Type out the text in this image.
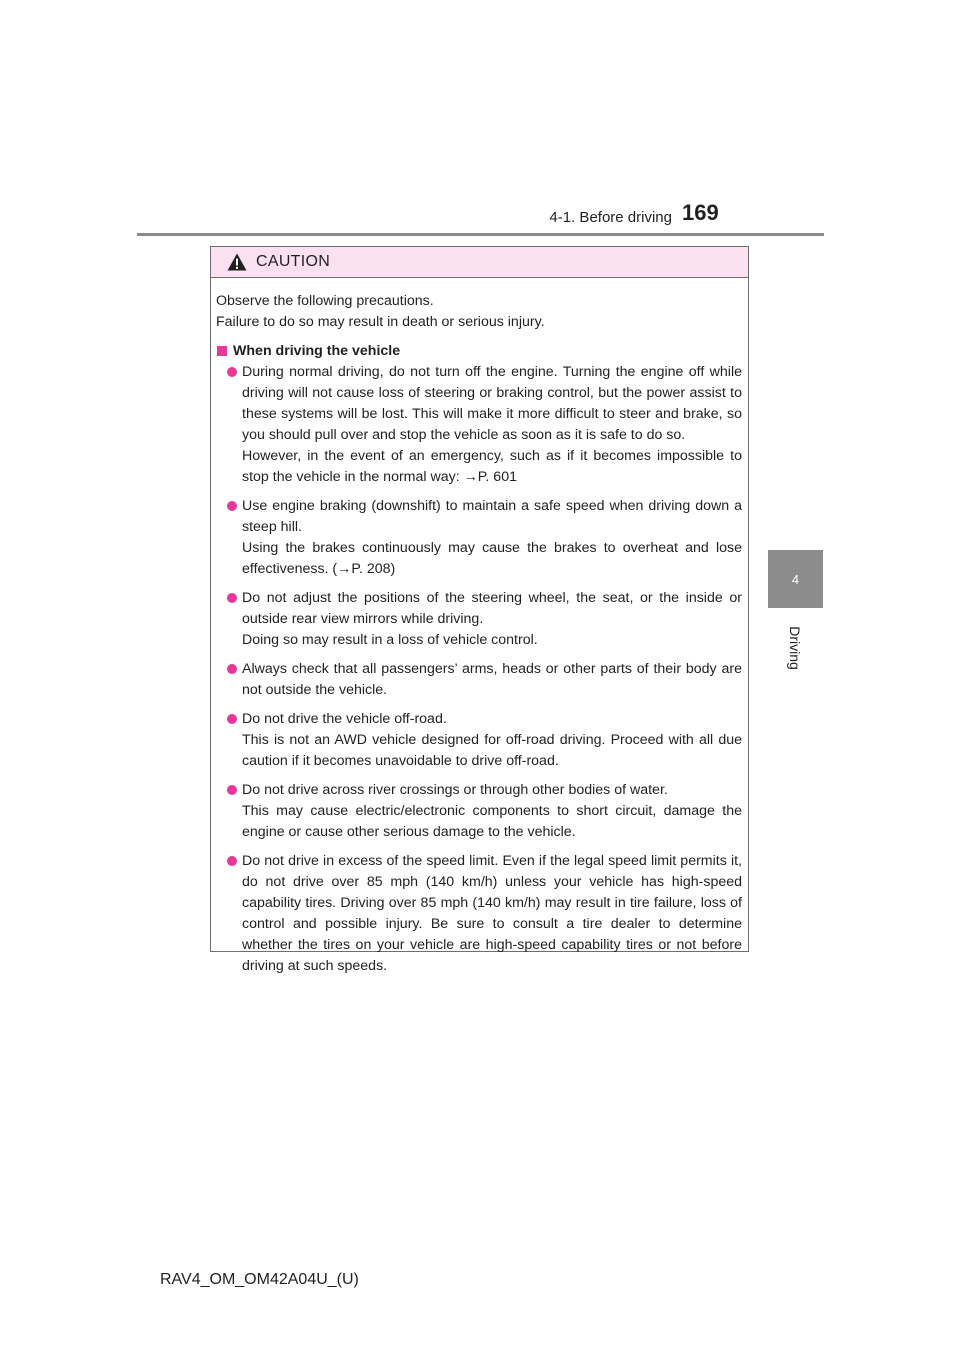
4-1. Before driving 169
4
Driving
CAUTION

Observe the following precautions.

Failure to do so may result in death or serious injury.

When driving the vehicle
During normal driving, do not turn off the engine. Turning the engine off while driving will not cause loss of steering or braking control, but the power assist to these systems will be lost. This will make it more difficult to steer and brake, so you should pull over and stop the vehicle as soon as it is safe to do so.
However, in the event of an emergency, such as if it becomes impossible to stop the vehicle in the normal way: →P. 601
Use engine braking (downshift) to maintain a safe speed when driving down a steep hill.
Using the brakes continuously may cause the brakes to overheat and lose effectiveness. (→P. 208)
Do not adjust the positions of the steering wheel, the seat, or the inside or outside rear view mirrors while driving.
Doing so may result in a loss of vehicle control.
Always check that all passengers’ arms, heads or other parts of their body are not outside the vehicle.
Do not drive the vehicle off-road.
This is not an AWD vehicle designed for off-road driving. Proceed with all due caution if it becomes unavoidable to drive off-road.
Do not drive across river crossings or through other bodies of water.
This may cause electric/electronic components to short circuit, damage the engine or cause other serious damage to the vehicle.
Do not drive in excess of the speed limit. Even if the legal speed limit permits it, do not drive over 85 mph (140 km/h) unless your vehicle has high-speed capability tires. Driving over 85 mph (140 km/h) may result in tire failure, loss of control and possible injury. Be sure to consult a tire dealer to determine whether the tires on your vehicle are high-speed capability tires or not before driving at such speeds.
RAV4_OM_OM42A04U_(U)
